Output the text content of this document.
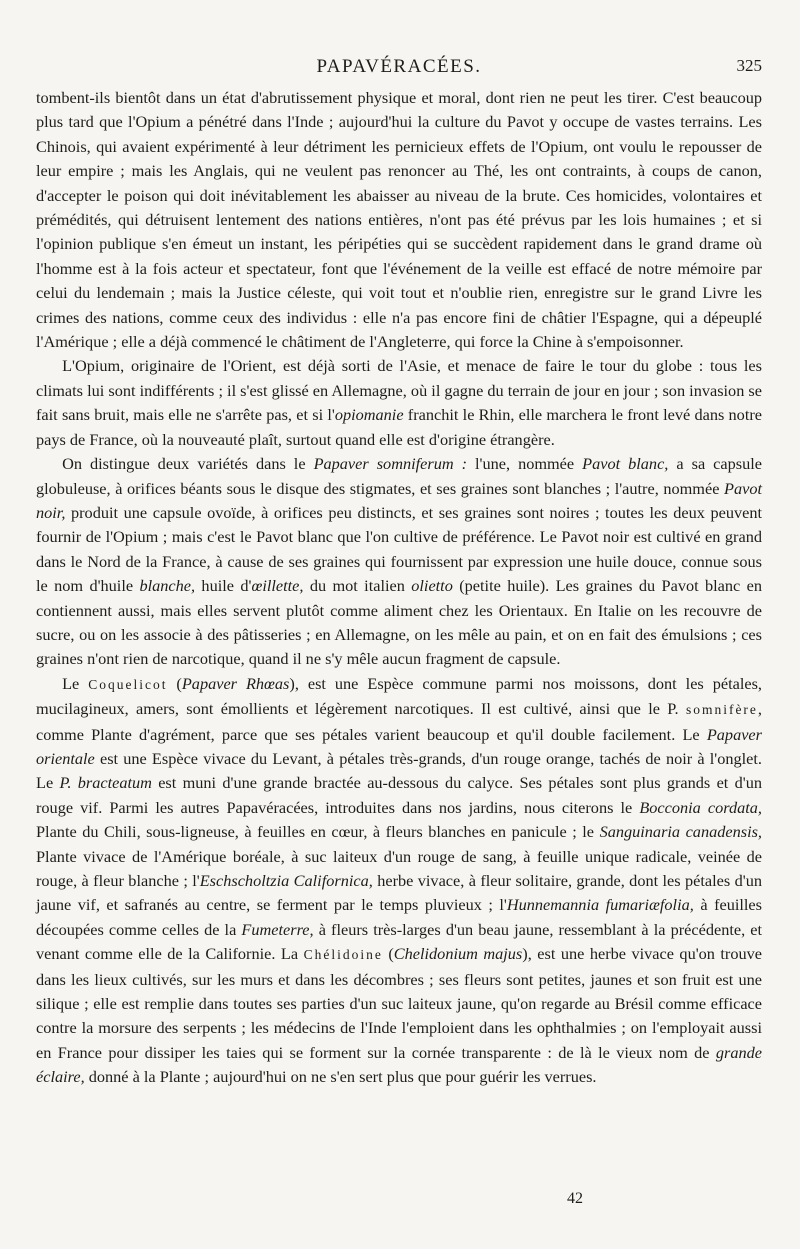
PAPAVÉRACÉES.	325

tombent-ils bientôt dans un état d'abrutissement physique et moral, dont rien ne peut les tirer. C'est beaucoup plus tard que l'Opium a pénétré dans l'Inde ; aujourd'hui la culture du Pavot y occupe de vastes terrains. Les Chinois, qui avaient expérimenté à leur détriment les pernicieux effets de l'Opium, ont voulu le repousser de leur empire ; mais les Anglais, qui ne veulent pas renoncer au Thé, les ont contraints, à coups de canon, d'accepter le poison qui doit inévitablement les abaisser au niveau de la brute. Ces homicides, volontaires et prémédités, qui détruisent lentement des nations entières, n'ont pas été prévus par les lois humaines ; et si l'opinion publique s'en émeut un instant, les péripéties qui se succèdent rapidement dans le grand drame où l'homme est à la fois acteur et spectateur, font que l'événement de la veille est effacé de notre mémoire par celui du lendemain ; mais la Justice céleste, qui voit tout et n'oublie rien, enregistre sur le grand Livre les crimes des nations, comme ceux des individus : elle n'a pas encore fini de châtier l'Espagne, qui a dépeuplé l'Amérique ; elle a déjà commencé le châtiment de l'Angleterre, qui force la Chine à s'empoisonner.

L'Opium, originaire de l'Orient, est déjà sorti de l'Asie, et menace de faire le tour du globe : tous les climats lui sont indifférents ; il s'est glissé en Allemagne, où il gagne du terrain de jour en jour ; son invasion se fait sans bruit, mais elle ne s'arrête pas, et si l'opiomanie franchit le Rhin, elle marchera le front levé dans notre pays de France, où la nouveauté plaît, surtout quand elle est d'origine étrangère.

On distingue deux variétés dans le Papaver somniferum : l'une, nommée Pavot blanc, a sa capsule globuleuse, à orifices béants sous le disque des stigmates, et ses graines sont blanches ; l'autre, nommée Pavot noir, produit une capsule ovoïde, à orifices peu distincts, et ses graines sont noires ; toutes les deux peuvent fournir de l'Opium ; mais c'est le Pavot blanc que l'on cultive de préférence. Le Pavot noir est cultivé en grand dans le Nord de la France, à cause de ses graines qui fournissent par expression une huile douce, connue sous le nom d'huile blanche, huile d'œillette, du mot italien olietto (petite huile). Les graines du Pavot blanc en contiennent aussi, mais elles servent plutôt comme aliment chez les Orientaux. En Italie on les recouvre de sucre, ou on les associe à des pâtisseries ; en Allemagne, on les mêle au pain, et on en fait des émulsions ; ces graines n'ont rien de narcotique, quand il ne s'y mêle aucun fragment de capsule.

Le Coquelicot (Papaver Rhœas), est une Espèce commune parmi nos moissons, dont les pétales, mucilagineux, amers, sont émollients et légèrement narcotiques. Il est cultivé, ainsi que le P. somnifère, comme Plante d'agrément, parce que ses pétales varient beaucoup et qu'il double facilement. Le Papaver orientale est une Espèce vivace du Levant, à pétales très-grands, d'un rouge orange, tachés de noir à l'onglet. Le P. bracteatum est muni d'une grande bractée au-dessous du calyce. Ses pétales sont plus grands et d'un rouge vif. Parmi les autres Papavéracées, introduites dans nos jardins, nous citerons le Bocconia cordata, Plante du Chili, sous-ligneuse, à feuilles en cœur, à fleurs blanches en panicule ; le Sanguinaria canadensis, Plante vivace de l'Amérique boréale, à suc laiteux d'un rouge de sang, à feuille unique radicale, veinée de rouge, à fleur blanche ; l'Eschscholtzia Californica, herbe vivace, à fleur solitaire, grande, dont les pétales d'un jaune vif, et safranés au centre, se ferment par le temps pluvieux ; l'Hunnemannia fumariæfolia, à feuilles découpées comme celles de la Fumeterre, à fleurs très-larges d'un beau jaune, ressemblant à la précédente, et venant comme elle de la Californie. La Chélidoine (Chelidonium majus), est une herbe vivace qu'on trouve dans les lieux cultivés, sur les murs et dans les décombres ; ses fleurs sont petites, jaunes et son fruit est une silique ; elle est remplie dans toutes ses parties d'un suc laiteux jaune, qu'on regarde au Brésil comme efficace contre la morsure des serpents ; les médecins de l'Inde l'emploient dans les ophthalmies ; on l'employait aussi en France pour dissiper les taies qui se forment sur la cornée transparente : de là le vieux nom de grande éclaire, donné à la Plante ; aujourd'hui on ne s'en sert plus que pour guérir les verrues.

42
